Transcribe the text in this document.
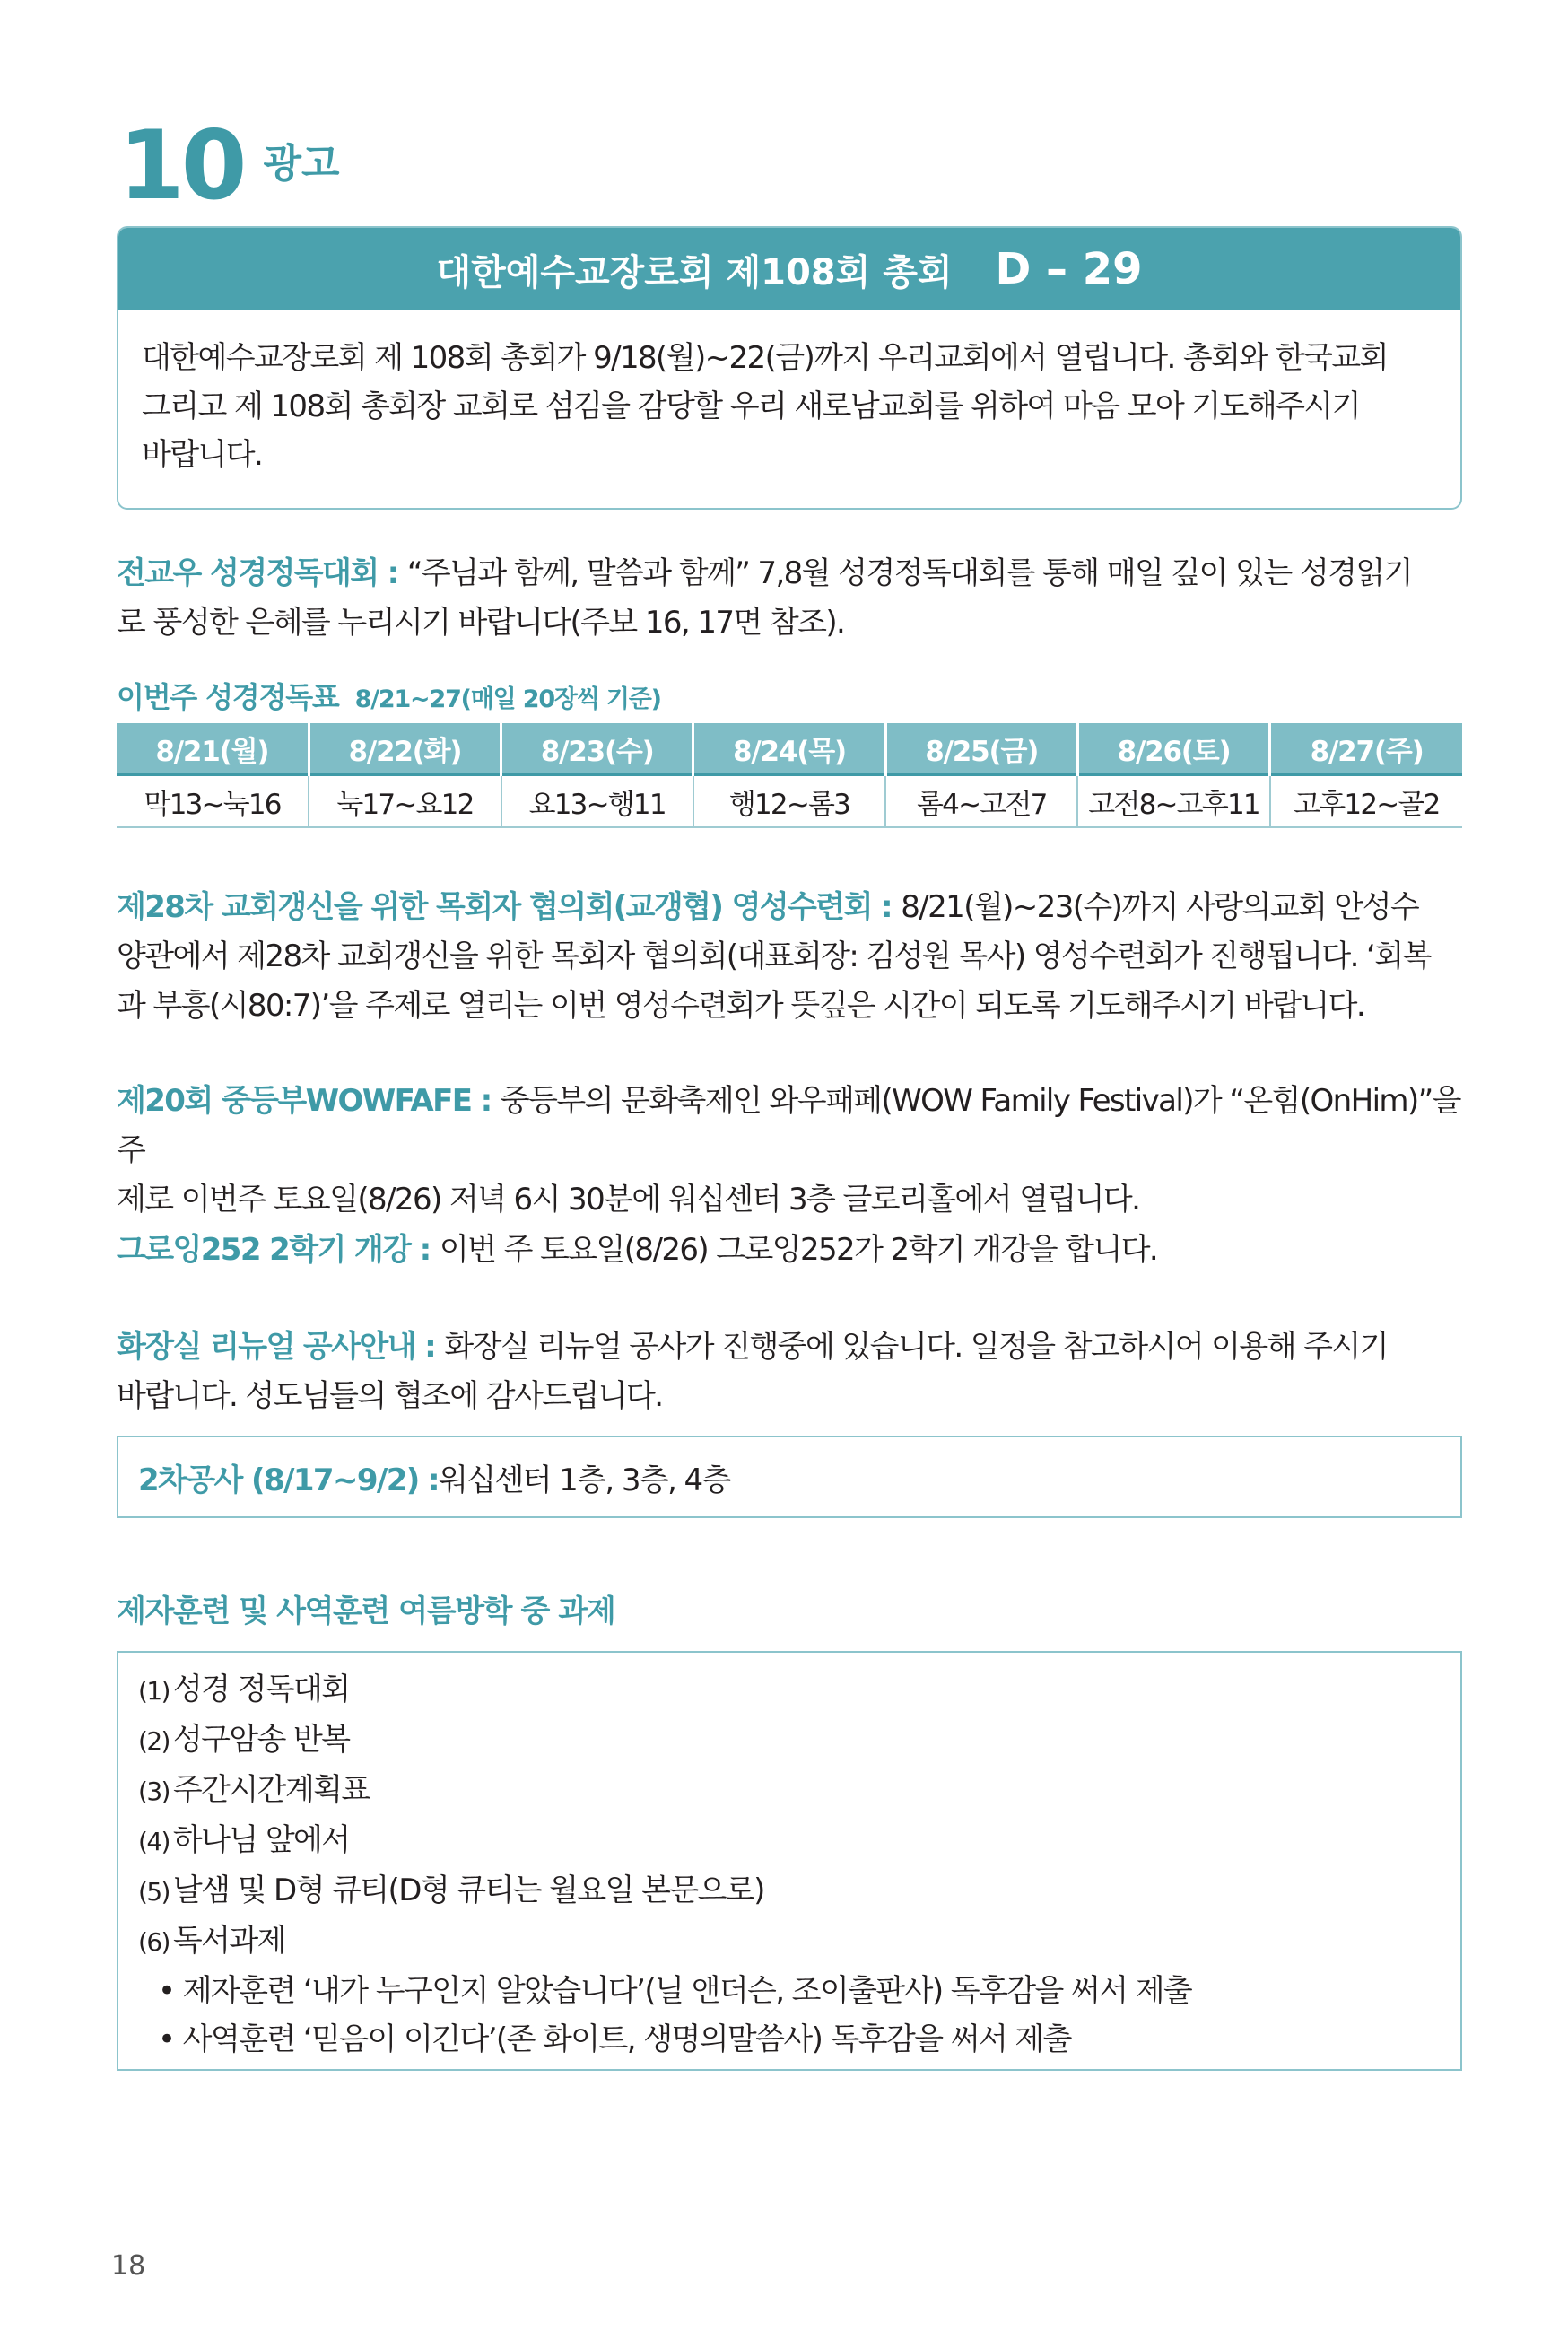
10 광고
대한예수교장로회 제108회 총회 D – 29
대한예수교장로회 제 108회 총회가 9/18(월)~22(금)까지 우리교회에서 열립니다. 총회와 한국교회
그리고 제 108회 총회장 교회로 섬김을 감당할 우리 새로남교회를 위하여 마음 모아 기도해주시기
바랍니다.
전교우 성경정독대회 : “주님과 함께, 말씀과 함께” 7,8월 성경정독대회를 통해 매일 깊이 있는 성경읽기
로 풍성한 은혜를 누리시기 바랍니다(주보 16, 17면 참조).
이번주 성경정독표 8/21~27(매일 20장씩 기준)
8/21(월)	8/22(화)	8/23(수)	8/24(목)	8/25(금)	8/26(토)	8/27(주)
막13~눅16	눅17~요12	요13~행11	행12~롬3	롬4~고전7	고전8~고후11	고후12~골2
제28차 교회갱신을 위한 목회자 협의회(교갱협) 영성수련회 : 8/21(월)~23(수)까지 사랑의교회 안성수
양관에서 제28차 교회갱신을 위한 목회자 협의회(대표회장: 김성원 목사) 영성수련회가 진행됩니다. ‘회복
과 부흥(시80:7)’을 주제로 열리는 이번 영성수련회가 뜻깊은 시간이 되도록 기도해주시기 바랍니다.
제20회 중등부WOWFAFE : 중등부의 문화축제인 와우패페(WOW Family Festival)가 “온힘(OnHim)”을 주
제로 이번주 토요일(8/26) 저녁 6시 30분에 워십센터 3층 글로리홀에서 열립니다.
그로잉252 2학기 개강 : 이번 주 토요일(8/26) 그로잉252가 2학기 개강을 합니다.
화장실 리뉴얼 공사안내 : 화장실 리뉴얼 공사가 진행중에 있습니다. 일정을 참고하시어 이용해 주시기
바랍니다. 성도님들의 협조에 감사드립니다.
2차공사 (8/17~9/2) : 워십센터 1층, 3층, 4층
제자훈련 및 사역훈련 여름방학 중 과제
(1) 성경 정독대회
(2) 성구암송 반복
(3) 주간시간계획표
(4) 하나님 앞에서
(5) 날샘 및 D형 큐티(D형 큐티는 월요일 본문으로)
(6) 독서과제
• 제자훈련 ‘내가 누구인지 알았습니다’(닐 앤더슨, 조이출판사) 독후감을 써서 제출
• 사역훈련 ‘믿음이 이긴다’(존 화이트, 생명의말씀사) 독후감을 써서 제출
18
